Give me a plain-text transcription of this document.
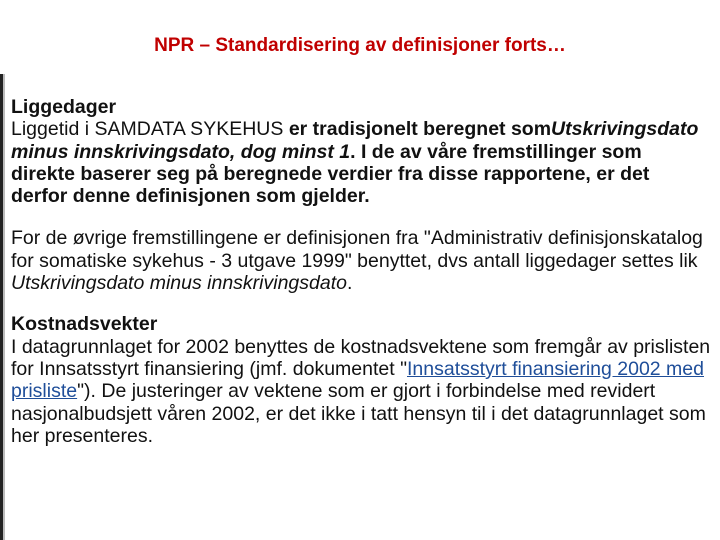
NPR – Standardisering av definisjoner forts…
Liggedager

Liggetid i SAMDATA SYKEHUS er tradisjonelt beregnet somUtskrivingsdato minus innskrivingsdato, dog minst 1. I de av våre fremstillinger som direkte baserer seg på beregnede verdier fra disse rapportene, er det derfor denne definisjonen som gjelder.

For de øvrige fremstillingene er definisjonen fra "Administrativ definisjonskatalog for somatiske sykehus - 3 utgave 1999" benyttet, dvs antall liggedager settes lik Utskrivingsdato minus innskrivingsdato.

Kostnadsvekter

I datagrunnlaget for 2002 benyttes de kostnadsvektene som fremgår av prislisten for Innsatsstyrt finansiering (jmf. dokumentet "Innsatsstyrt finansiering 2002 med prisliste"). De justeringer av vektene som er gjort i forbindelse med revidert nasjonalbudsjett våren 2002, er det ikke i tatt hensyn til i det datagrunnlaget som her presenteres.
